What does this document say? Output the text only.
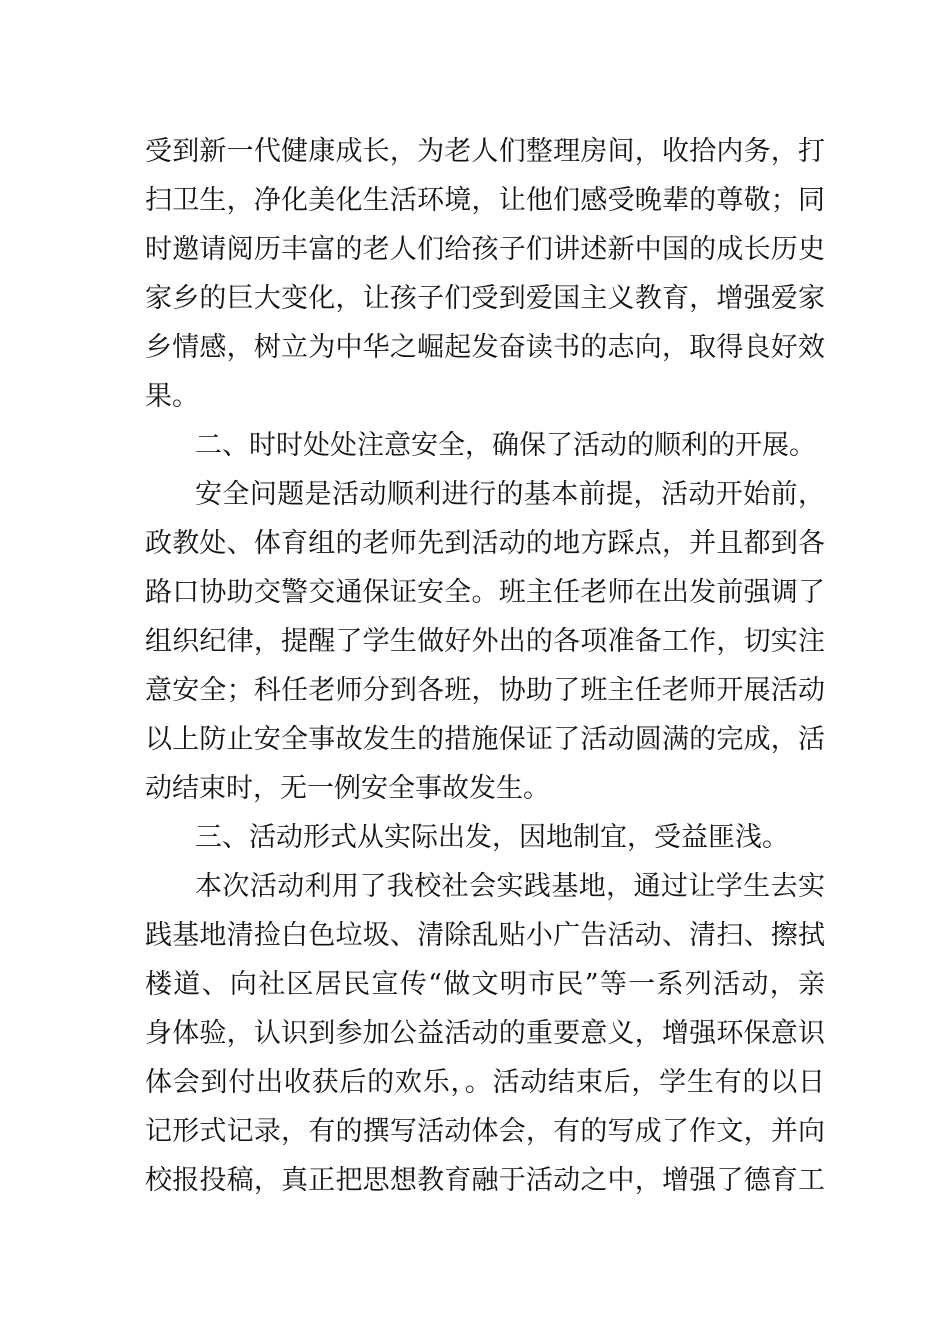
受到新一代健康成长，为老人们整理房间，收拾内务，打
扫卫生，净化美化生活环境，让他们感受晚辈的尊敬；同
时邀请阅历丰富的老人们给孩子们讲述新中国的成长历史
家乡的巨大变化，让孩子们受到爱国主义教育，增强爱家
乡情感，树立为中华之崛起发奋读书的志向，取得良好效
果。
二、时时处处注意安全，确保了活动的顺利的开展。
安全问题是活动顺利进行的基本前提，活动开始前，
政教处、体育组的老师先到活动的地方踩点，并且都到各
路口协助交警交通保证安全。班主任老师在出发前强调了
组织纪律，提醒了学生做好外出的各项准备工作，切实注
意安全；科任老师分到各班，协助了班主任老师开展活动
以上防止安全事故发生的措施保证了活动圆满的完成，活
动结束时，无一例安全事故发生。
三、活动形式从实际出发，因地制宜，受益匪浅。
本次活动利用了我校社会实践基地，通过让学生去实
践基地清捡白色垃圾、清除乱贴小广告活动、清扫、擦拭
楼道、向社区居民宣传“做文明市民”等一系列活动，亲
身体验，认识到参加公益活动的重要意义，增强环保意识
体会到付出收获后的欢乐，。活动结束后，学生有的以日
记形式记录，有的撰写活动体会，有的写成了作文，并向
校报投稿，真正把思想教育融于活动之中，增强了德育工
